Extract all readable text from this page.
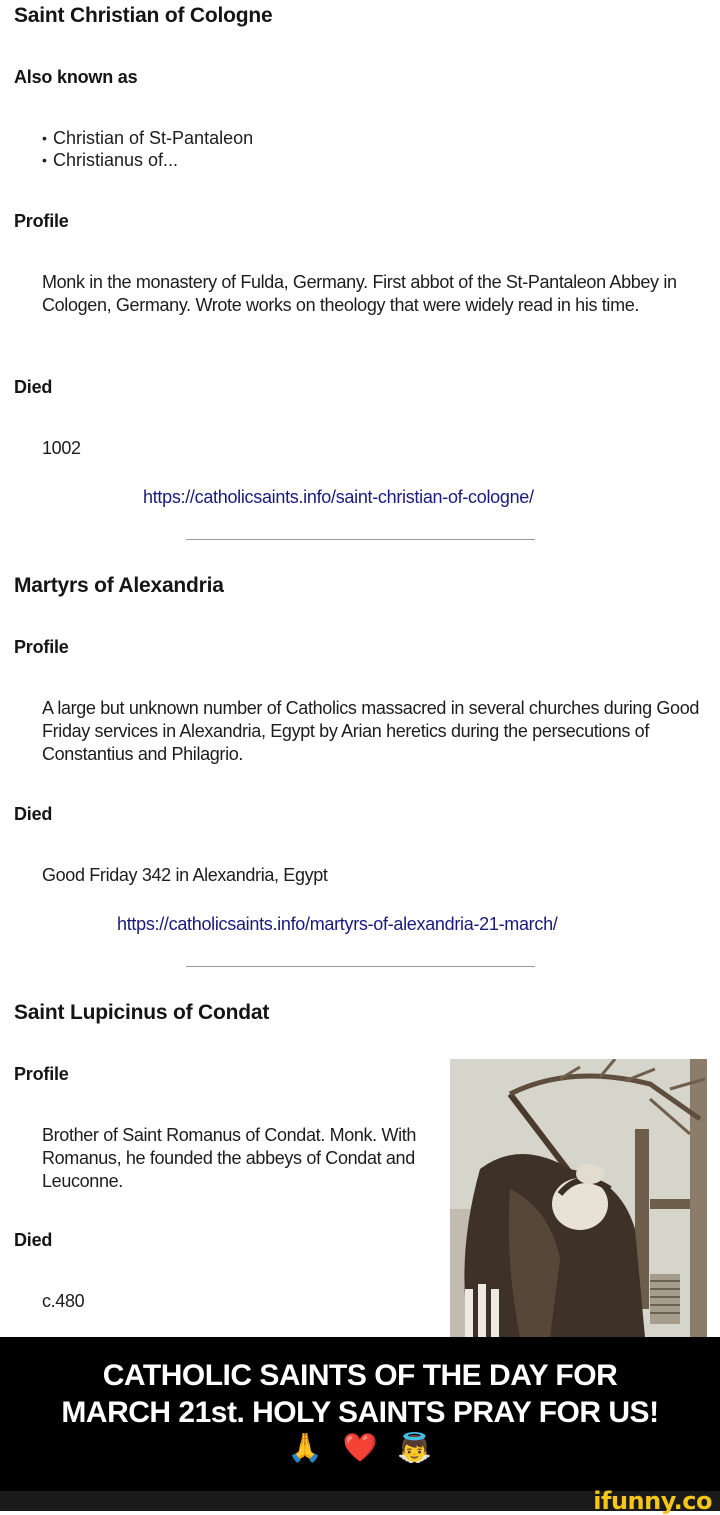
Saint Christian of Cologne
Also known as
• Christian of St-Pantaleon
• Christianus of...
Profile
Monk in the monastery of Fulda, Germany. First abbot of the St-Pantaleon Abbey in Cologen, Germany. Wrote works on theology that were widely read in his time.
Died
1002
https://catholicsaints.info/saint-christian-of-cologne/
Martyrs of Alexandria
Profile
A large but unknown number of Catholics massacred in several churches during Good Friday services in Alexandria, Egypt by Arian heretics during the persecutions of Constantius and Philagrio.
Died
Good Friday 342 in Alexandria, Egypt
https://catholicsaints.info/martyrs-of-alexandria-21-march/
Saint Lupicinus of Condat
Profile
Brother of Saint Romanus of Condat. Monk. With Romanus, he founded the abbeys of Condat and Leuconne.
Died
c.480
CATHOLIC SAINTS OF THE DAY FOR
MARCH 21st. HOLY SAINTS PRAY FOR US!
🙏 ❤️ 👼
ifunny.co
